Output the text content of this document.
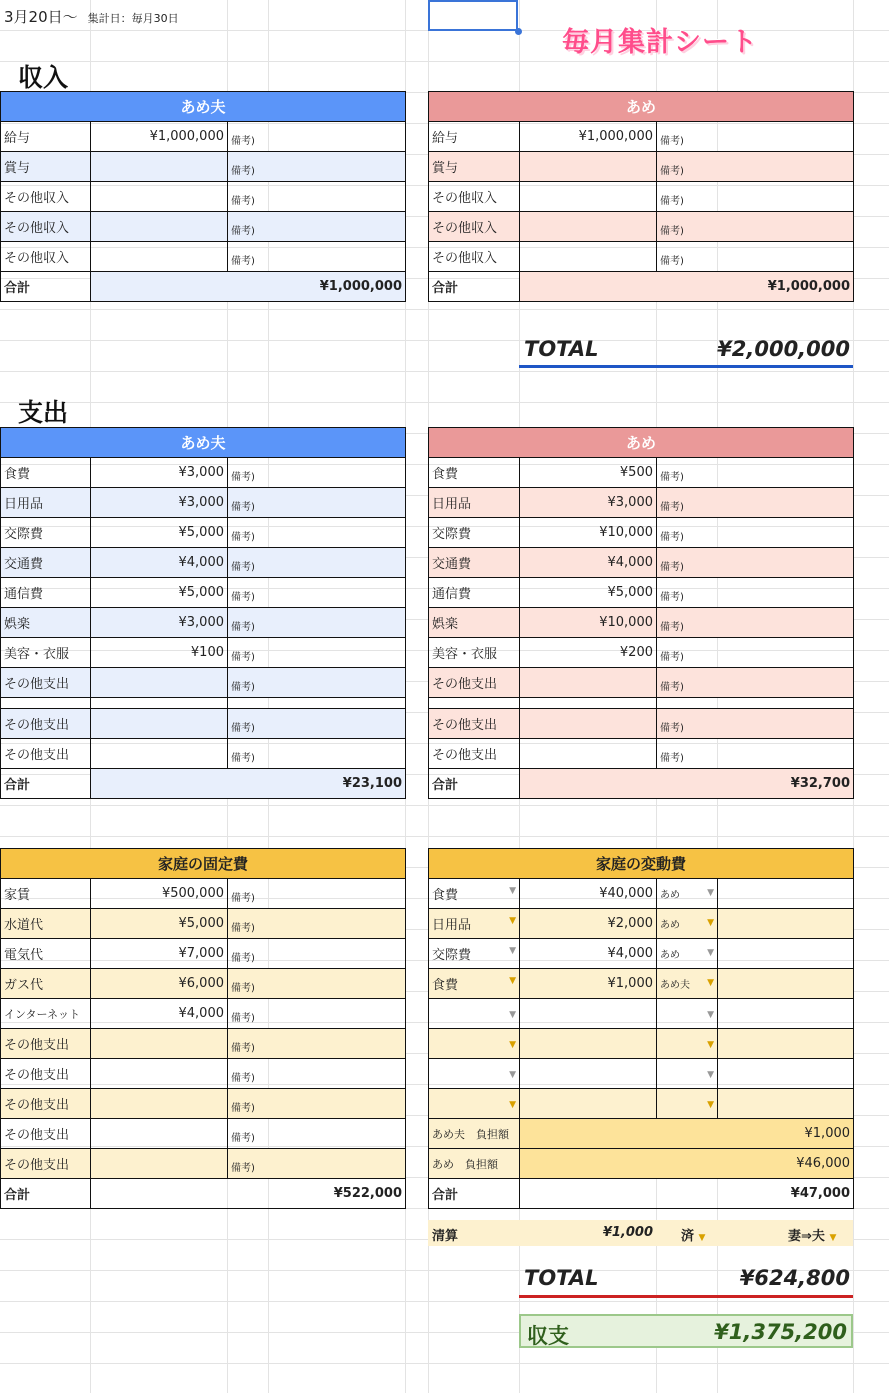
3月20日～ 集計日：毎月30日
毎月集計シート
収入
あめ夫		
給与	¥1,000,000	備考)
賞与		備考)
その他収入		備考)
その他収入		備考)
その他収入		備考)
合計	¥1,000,000	
あめ		
給与	¥1,000,000	備考)
賞与		備考)
その他収入		備考)
その他収入		備考)
その他収入		備考)
合計	¥1,000,000	
TOTAL	¥2,000,000
支出
あめ夫		
食費	¥3,000	備考)
日用品	¥3,000	備考)
交際費	¥5,000	備考)
交通費	¥4,000	備考)
通信費	¥5,000	備考)
娯楽	¥3,000	備考)
美容・衣服	¥100	備考)
その他支出		備考)

その他支出		備考)
その他支出		備考)
合計	¥23,100	
あめ		
食費	¥500	備考)
日用品	¥3,000	備考)
交際費	¥10,000	備考)
交通費	¥4,000	備考)
通信費	¥5,000	備考)
娯楽	¥10,000	備考)
美容・衣服	¥200	備考)
その他支出		備考)

その他支出		備考)
その他支出		備考)
合計	¥32,700	
家庭の固定費		
家賃	¥500,000	備考)
水道代	¥5,000	備考)
電気代	¥7,000	備考)
ガス代	¥6,000	備考)
インターネット	¥4,000	備考)
その他支出		備考)
その他支出		備考)
その他支出		備考)
その他支出		備考)
その他支出		備考)
合計	¥522,000	
家庭の変動費			
食費 ▼	¥40,000	あめ ▼	

日用品 ▼	¥2,000	あめ ▼	

交際費 ▼	¥4,000	あめ ▼	

食費 ▼	¥1,000	あめ夫 ▼	

▼		▼	

▼		▼	

▼		▼	

▼		▼	

あめ夫　負担額	¥1,000		
あめ　負担額	¥46,000		
合計	¥47,000		
清算	¥1,000 済 ▼	妻⇒夫 ▼
TOTAL	¥624,800
収支	¥1,375,200
